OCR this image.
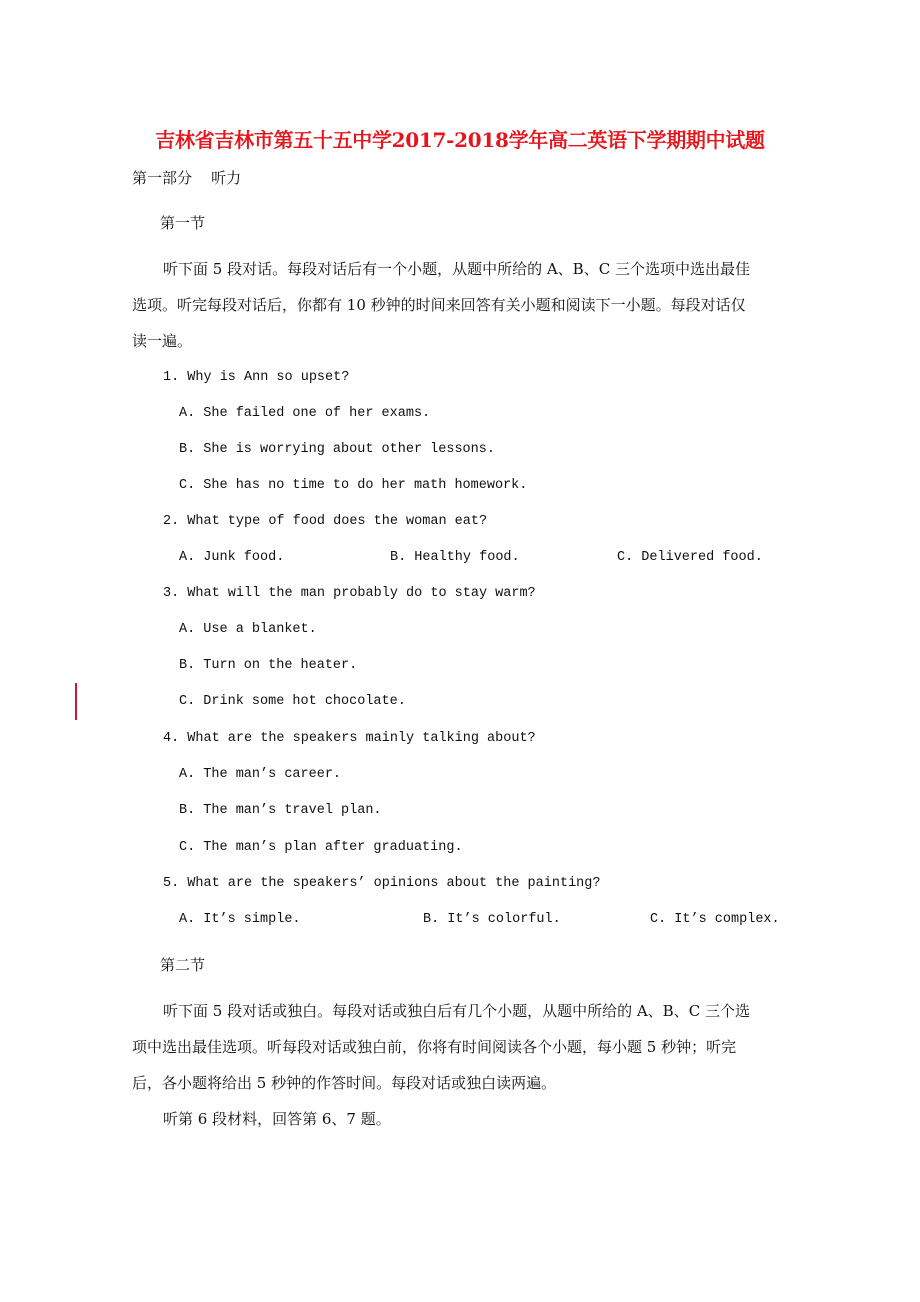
吉林省吉林市第五十五中学2017-2018学年高二英语下学期期中试题
第一部分    听力
第一节
听下面 5 段对话。每段对话后有一个小题，从题中所给的 A、B、C 三个选项中选出最佳
选项。听完每段对话后，你都有 10 秒钟的时间来回答有关小题和阅读下一小题。每段对话仅
读一遍。
1. Why is Ann so upset?
A. She failed one of her exams.
B. She is worrying about other lessons.
C. She has no time to do her math homework.
2. What type of food does the woman eat?
A. Junk food.	B. Healthy food.	C. Delivered food.
3. What will the man probably do to stay warm?
A. Use a blanket.
B. Turn on the heater.
C. Drink some hot chocolate.
4. What are the speakers mainly talking about?
A. The man’s career.
B. The man’s travel plan.
C. The man’s plan after graduating.
5. What are the speakers’ opinions about the painting?
A. It’s simple.	B. It’s colorful.	C. It’s complex.
第二节
听下面 5 段对话或独白。每段对话或独白后有几个小题，从题中所给的 A、B、C 三个选
项中选出最佳选项。听每段对话或独白前，你将有时间阅读各个小题，每小题 5 秒钟；听完
后，各小题将给出 5 秒钟的作答时间。每段对话或独白读两遍。
听第 6 段材料，回答第 6、7 题。
